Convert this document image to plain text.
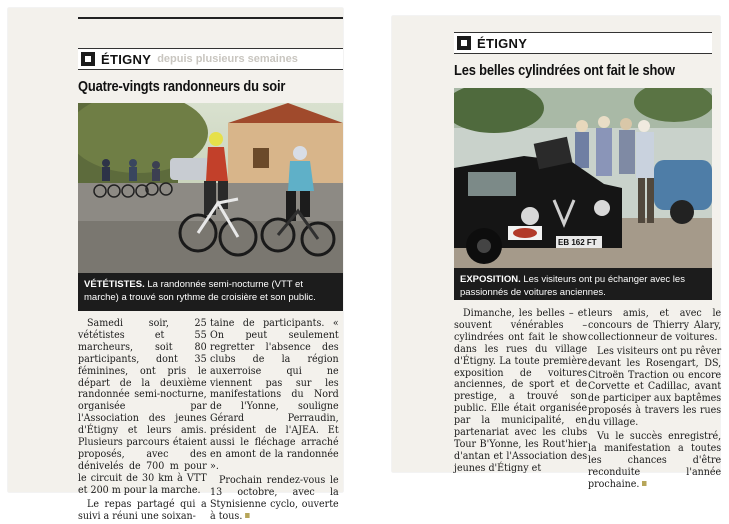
ÉTIGNY depuis plusieurs semaines
Quatre-vingts randonneurs du soir
VÉTÉTISTES. La randonnée semi-nocturne (VTT et marche) a trouvé son rythme de croisière et son public.

Samedi soir, 25 vététistes et 55 marcheurs, soit 80 participants, dont 35 féminines, ont pris le départ de la deuxième randonnée semi-nocturne, organisée par l'Association des jeunes d'Étigny et leurs amis. Plusieurs parcours étaient proposés, avec des dénivelés de 700 m pour le circuit de 30 km à VTT et 200 m pour la marche.

Le repas partagé qui a suivi a réuni une soixan-

taine de participants. « On peut seulement regretter l'absence des clubs de la région auxerroise qui ne viennent pas sur les manifestations du Nord de l'Yonne, souligne Gérard Perraudin, président de l'AJEA. Et aussi le fléchage arraché en amont de la randonnée ».

Prochain rendez-vous le 13 octobre, avec la Stynisienne cyclo, ouverte à tous.

ÉTIGNY
Les belles cylindrées ont fait le show
EB 162 FT
EXPOSITION. Les visiteurs ont pu échanger avec les passionnés de voitures anciennes.

Dimanche, les belles – et souvent vénérables – cylindrées ont fait le show dans les rues du village d'Étigny. La toute première exposition de voitures anciennes, de sport et de prestige, a trouvé son public. Elle était organisée par la municipalité, en partenariat avec les clubs Tour B'Yonne, les Rout'hier d'antan et l'Association des jeunes d'Étigny et

leurs amis, et avec le concours de Thierry Alary, collectionneur de voitures.

Les visiteurs ont pu rêver devant les Rosengart, DS, Citroën Traction ou encore Corvette et Cadillac, avant de participer aux baptêmes proposés à travers les rues du village.

Vu le succès enregistré, la manifestation a toutes les chances d'être reconduite l'année prochaine.
